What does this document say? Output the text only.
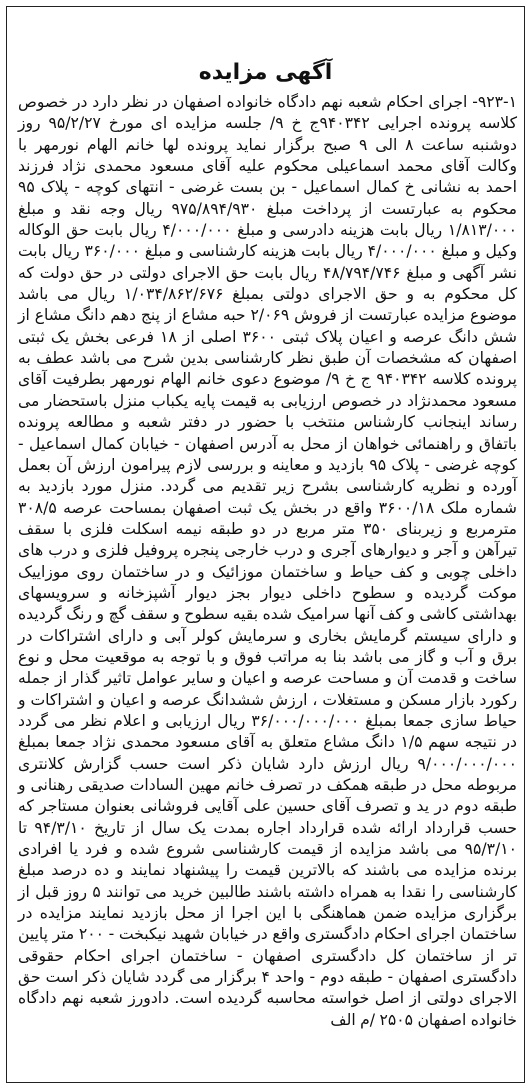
آگهی مزایده
۹۲۳-۱- اجرای احکام شعبه نهم دادگاه خانواده اصفهان در نظر دارد در خصوص کلاسه پرونده اجرایی ۹۴۰۳۴۲ج خ ۹/ جلسه مزایده ای مورخ ۹۵/۲/۲۷ روز دوشنبه ساعت ۸ الی ۹ صبح برگزار نماید پرونده لها خانم الهام نورمهر با وکالت آقای محمد اسماعیلی محکوم علیه آقای مسعود محمدی نژاد فرزند احمد به نشانی خ کمال اسماعیل - بن بست غرضی - انتهای کوچه - پلاک ۹۵ محکوم به عبارتست از پرداخت مبلغ ۹۷۵/۸۹۴/۹۳۰ ریال وجه نقد و مبلغ ۱/۸۱۳/۰۰۰ ریال بابت هزینه دادرسی و مبلغ ۴/۰۰۰/۰۰۰ ریال بابت حق الوکاله وکیل و مبلغ ۴/۰۰۰/۰۰۰ ریال بابت هزینه کارشناسی و مبلغ ۳۶۰/۰۰۰ ریال بابت نشر آگهی و مبلغ ۴۸/۷۹۴/۷۴۶ ریال بابت حق الاجرای دولتی در حق دولت که کل محکوم به و حق الاجرای دولتی بمبلغ ۱/۰۳۴/۸۶۲/۶۷۶ ریال می باشد موضوع مزایده عبارتست از فروش ۲/۰۶۹ حبه مشاع از پنج دهم دانگ مشاع از شش دانگ عرصه و اعیان پلاک ثبتی ۳۶۰۰ اصلی از ۱۸ فرعی بخش یک ثبتی اصفهان که مشخصات آن طبق نظر کارشناسی بدین شرح می باشد عطف به پرونده کلاسه ۹۴۰۳۴۲ ج خ ۹/ موضوع دعوی خانم الهام نورمهر بطرفیت آقای مسعود محمدنژاد در خصوص ارزیابی به قیمت پایه یکباب منزل باستحضار می رساند اینجانب کارشناس منتخب با حضور در دفتر شعبه و مطالعه پرونده باتفاق و راهنمائی خواهان از محل به آدرس اصفهان - خیابان کمال اسماعیل - کوچه غرضی - پلاک ۹۵ بازدید و معاینه و بررسی لازم پیرامون ارزش آن بعمل آورده و نظریه کارشناسی بشرح زیر تقدیم می گردد. منزل مورد بازدید به شماره ملک ۳۶۰۰/۱۸ واقع در بخش یک ثبت اصفهان بمساحت عرصه ۳۰۸/۵ مترمربع و زیربنای ۳۵۰ متر مربع در دو طبقه نیمه اسکلت فلزی با سقف تیرآهن و آجر و دیوارهای آجری و درب خارجی پنجره پروفیل فلزی و درب های داخلی چوبی و کف حیاط و ساختمان موزائیک و در ساختمان روی موزاییک موکت گردیده و سطوح داخلی دیوار بجز دیوار آشپزخانه و سرویسهای بهداشتی کاشی و کف آنها سرامیک شده بقیه سطوح و سقف گچ و رنگ گردیده و دارای سیستم گرمایش بخاری و سرمایش کولر آبی و دارای اشتراکات در برق و آب و گاز می باشد بنا به مراتب فوق و با توجه به موقعیت محل و نوع ساخت و قدمت آن و مساحت عرصه و اعیان و سایر عوامل تاثیر گذار از جمله رکورد بازار مسکن و مستغلات ، ارزش ششدانگ عرصه و اعیان و اشتراکات و حیاط سازی جمعا بمبلغ ۳۶/۰۰۰/۰۰۰/۰۰۰ ریال ارزیابی و اعلام نظر می گردد در نتیجه سهم ۱/۵ دانگ مشاع متعلق به آقای مسعود محمدی نژاد جمعا بمبلغ ۹/۰۰۰/۰۰۰/۰۰۰ ریال ارزش دارد شایان ذکر است حسب گزارش کلانتری مربوطه محل در طبقه همکف در تصرف خانم مهین السادات صدیقی رهنانی و طبقه دوم در ید و تصرف آقای حسین علی آقایی فروشانی بعنوان مستاجر که حسب قرارداد ارائه شده قرارداد اجاره بمدت یک سال از تاریخ ۹۴/۳/۱۰ تا ۹۵/۳/۱۰ می باشد مزایده از قیمت کارشناسی شروع شده و فرد یا افرادی برنده مزایده می باشند که بالاترین قیمت را پیشنهاد نمایند و ده درصد مبلغ کارشناسی را نقدا به همراه داشته باشند طالبین خرید می توانند ۵ روز قبل از برگزاری مزایده ضمن هماهنگی با این اجرا از محل بازدید نمایند مزایده در ساختمان اجرای احکام دادگستری واقع در خیابان شهید نیکبخت - ۲۰۰ متر پایین تر از ساختمان کل دادگستری اصفهان - ساختمان اجرای احکام حقوقی دادگستری اصفهان - طبقه دوم - واحد ۴ برگزار می گردد شایان ذکر است حق الاجرای دولتی از اصل خواسته محاسبه گردیده است. دادورز شعبه نهم دادگاه خانواده اصفهان ۲۵۰۵ /م الف
